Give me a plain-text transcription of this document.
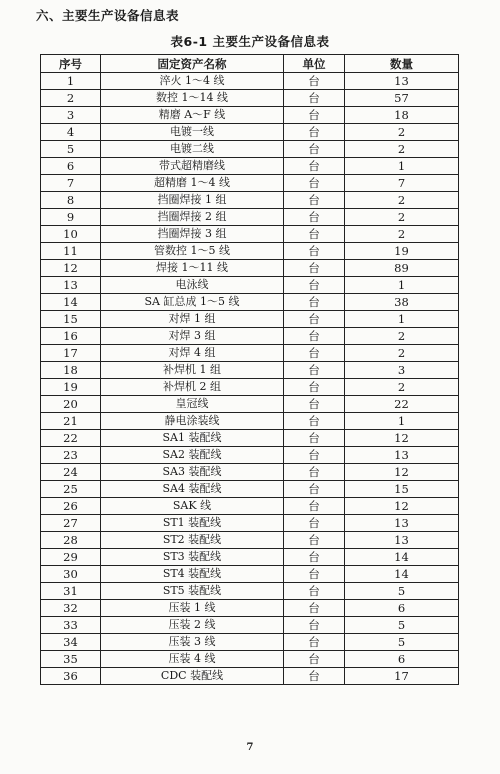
六、主要生产设备信息表
表6-1 主要生产设备信息表
序号	固定资产名称	单位	数量
1	淬火 1～4 线	台	13
2	数控 1～14 线	台	57
3	精磨 A～F 线	台	18
4	电镀一线	台	2
5	电镀二线	台	2
6	带式超精磨线	台	1
7	超精磨 1～4 线	台	7
8	挡圈焊接 1 组	台	2
9	挡圈焊接 2 组	台	2
10	挡圈焊接 3 组	台	2
11	管数控 1～5 线	台	19
12	焊接 1～11 线	台	89
13	电泳线	台	1
14	SA 缸总成 1～5 线	台	38
15	对焊 1 组	台	1
16	对焊 3 组	台	2
17	对焊 4 组	台	2
18	补焊机 1 组	台	3
19	补焊机 2 组	台	2
20	皇冠线	台	22
21	静电涂装线	台	1
22	SA1 装配线	台	12
23	SA2 装配线	台	13
24	SA3 装配线	台	12
25	SA4 装配线	台	15
26	SAK 线	台	12
27	ST1 装配线	台	13
28	ST2 装配线	台	13
29	ST3 装配线	台	14
30	ST4 装配线	台	14
31	ST5 装配线	台	5
32	压装 1 线	台	6
33	压装 2 线	台	5
34	压装 3 线	台	5
35	压装 4 线	台	6
36	CDC 装配线	台	17
7
